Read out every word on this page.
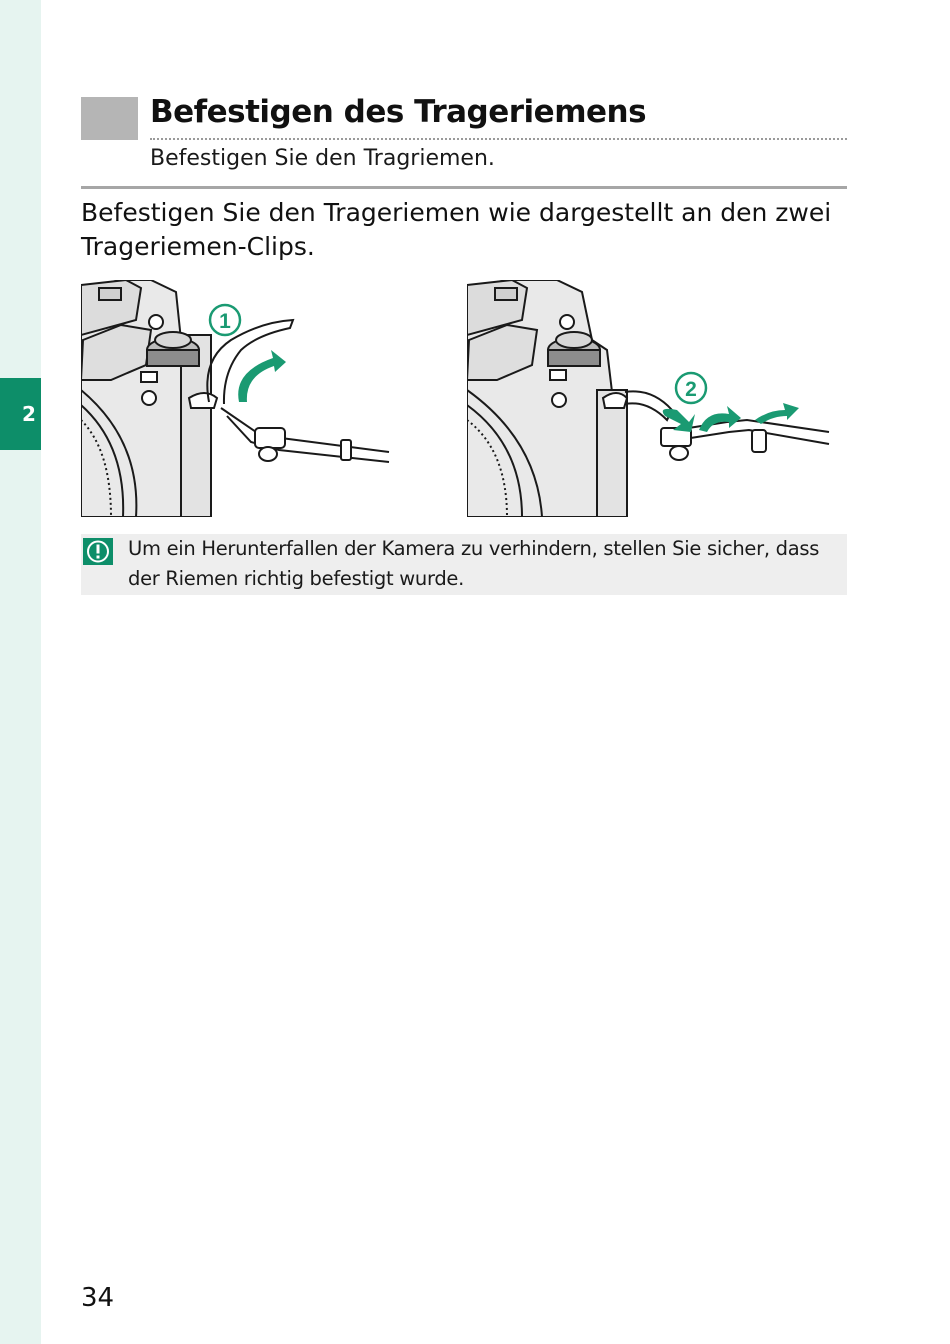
2
Befestigen des Trageriemens
Befestigen Sie den Tragriemen.

Befestigen Sie den Trageriemen wie dargestellt an den zwei Trageriemen-Clips.

1
2
Um ein Herunterfallen der Kamera zu verhindern, stellen Sie sicher, dass der Riemen richtig befestigt wurde.
34
